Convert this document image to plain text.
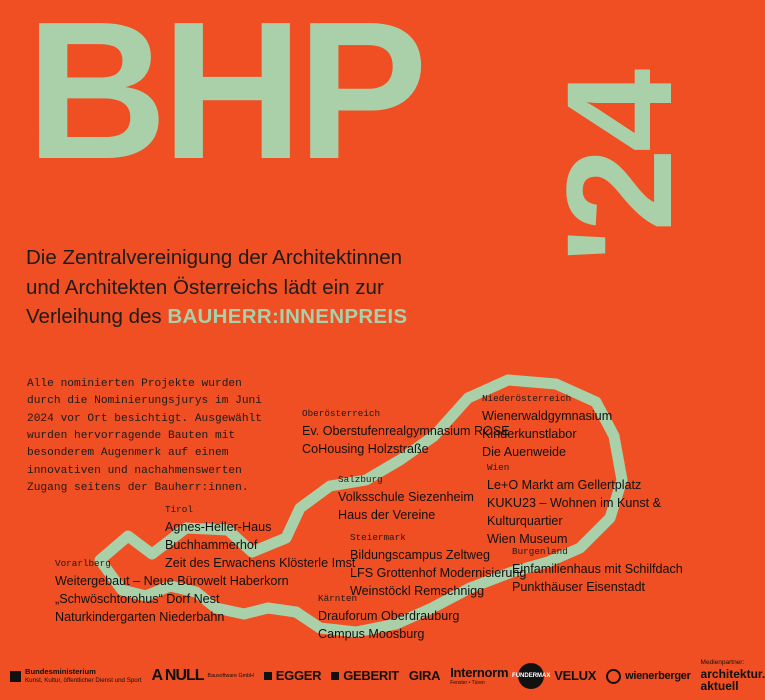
BHP '24
Die Zentralvereinigung der Architektinnen
und Architekten Österreichs lädt ein zur
Verleihung des BAUHERR:INNENPREIS
Alle nominierten Projekte wurden durch die Nominierungsjurys im Juni 2024 vor Ort besichtigt. Ausgewählt wurden hervorragende Bauten mit besonderem Augenmerk auf einem innovativen und nachahmenswerten Zugang seitens der Bauherr:innen.
Oberösterreich
Ev. Oberstufenrealgymnasium ROSE
CoHousing Holzstraße
Niederösterreich
Wienerwaldgymnasium
Kinderkunstlabor
Die Auenweide
Salzburg
Volksschule Siezenheim
Haus der Vereine
Wien
Le+O Markt am Gellertplatz
KUKU23 – Wohnen im Kunst & Kulturquartier
Wien Museum
Tirol
Agnes-Heller-Haus
Buchhammerhof
Zeit des Erwachens Klösterle Imst
Steiermark
Bildungscampus Zeltweg
LFS Grottenhof Modernisierung
Weinstöckl Remschnigg
Burgenland
Einfamilienhaus mit Schilfdach
Punkthäuser Eisenstadt
Vorarlberg
Weitergebaut – Neue Bürowelt Haberkorn
„Schwöschtorohus“ Dorf Nest
Naturkindergarten Niederbahn
Kärnten
Drauforum Oberdrauburg
Campus Moosburg
Bundesministerium
Kunst, Kultur, öffentlicher Dienst und Sport A NULL Bausoftware GmbH EGGER GEBERIT GIRA Internorm
Fenster • Türen
FUNDERMAX VELUX	wienerberger
Medienpartner:
architektur.
aktuell
